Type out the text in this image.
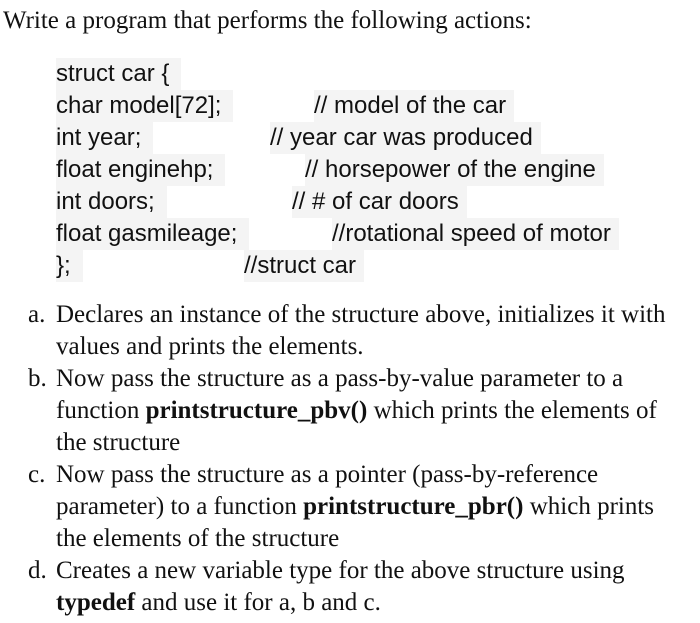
Write a program that performs the following actions:
struct car {
char model[72];	// model of the car
int year;	// year car was produced
float enginehp;	// horsepower of the engine
int doors;	// # of car doors
float gasmileage;	//rotational speed of motor
};	//struct car
a. Declares an instance of the structure above, initializes it with values and prints the elements.
b. Now pass the structure as a pass-by-value parameter to a function printstructure_pbv() which prints the elements of the structure
c. Now pass the structure as a pointer (pass-by-reference parameter) to a function printstructure_pbr() which prints the elements of the structure
d. Creates a new variable type for the above structure using typedef and use it for a, b and c.
